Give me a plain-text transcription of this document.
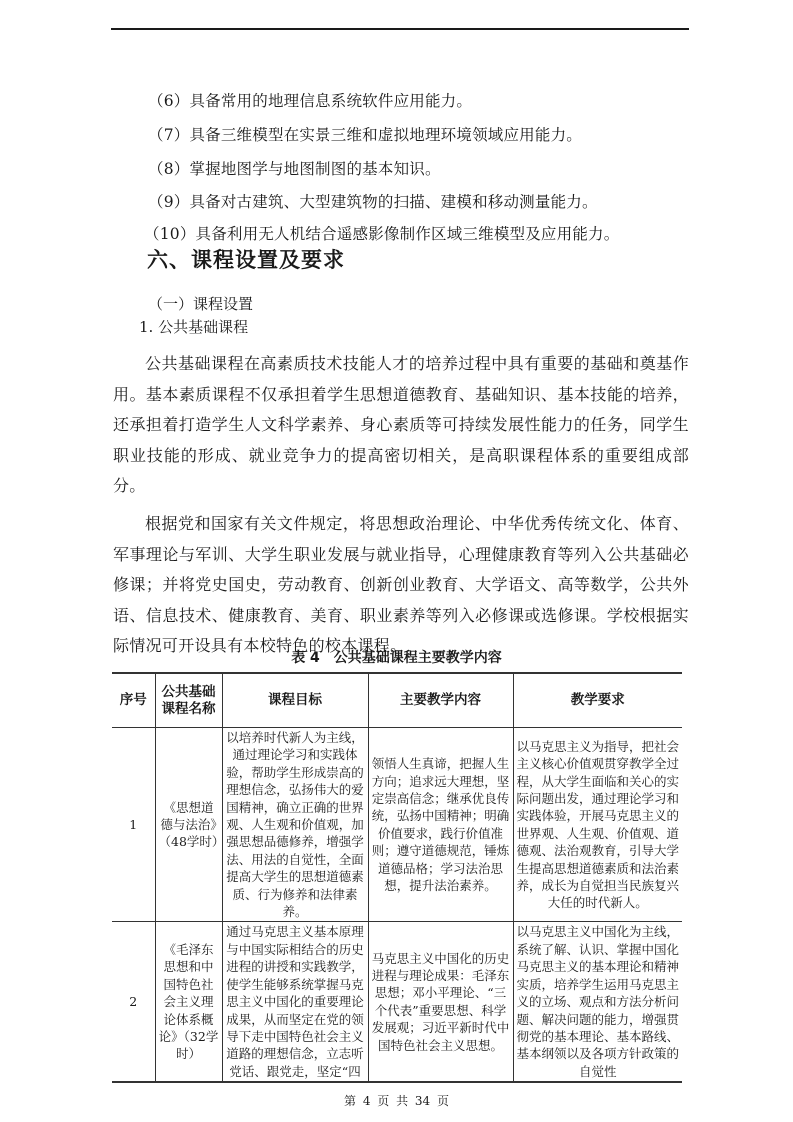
（6）具备常用的地理信息系统软件应用能力。
（7）具备三维模型在实景三维和虚拟地理环境领域应用能力。
（8）掌握地图学与地图制图的基本知识。
（9）具备对古建筑、大型建筑物的扫描、建模和移动测量能力。
（10）具备利用无人机结合遥感影像制作区域三维模型及应用能力。
六、课程设置及要求
（一）课程设置
1. 公共基础课程
公共基础课程在高素质技术技能人才的培养过程中具有重要的基础和奠基作用。基本素质课程不仅承担着学生思想道德教育、基础知识、基本技能的培养，还承担着打造学生人文科学素养、身心素质等可持续发展性能力的任务，同学生职业技能的形成、就业竞争力的提高密切相关，是高职课程体系的重要组成部分。
根据党和国家有关文件规定，将思想政治理论、中华优秀传统文化、体育、军事理论与军训、大学生职业发展与就业指导，心理健康教育等列入公共基础必修课；并将党史国史，劳动教育、创新创业教育、大学语文、高等数学，公共外语、信息技术、健康教育、美育、职业素养等列入必修课或选修课。学校根据实际情况可开设具有本校特色的校本课程。
表 4　公共基础课程主要教学内容
序号	公共基础课程名称	课程目标	主要教学内容	教学要求
1	《思想道德与法治》（48学时）	以培养时代新人为主线，通过理论学习和实践体验，帮助学生形成崇高的理想信念，弘扬伟大的爱国精神，确立正确的世界观、人生观和价值观，加强思想品德修养，增强学法、用法的自觉性，全面提高大学生的思想道德素质、行为修养和法律素养。	领悟人生真谛，把握人生方向；追求远大理想，坚定崇高信念；继承优良传统，弘扬中国精神；明确价值要求，践行价值准则；遵守道德规范，锤炼道德品格；学习法治思想，提升法治素养。	以马克思主义为指导，把社会主义核心价值观贯穿教学全过程，从大学生面临和关心的实际问题出发，通过理论学习和实践体验，开展马克思主义的世界观、人生观、价值观、道德观、法治观教育，引导大学生提高思想道德素质和法治素养，成长为自觉担当民族复兴大任的时代新人。
2	《毛泽东思想和中国特色社会主义理论体系概论》（32学时）	通过马克思主义基本原理与中国实际相结合的历史进程的讲授和实践教学，使学生能够系统掌握马克思主义中国化的重要理论成果，从而坚定在党的领导下走中国特色社会主义道路的理想信念，立志听党话、跟党走，坚定“四	马克思主义中国化的历史进程与理论成果：毛泽东思想；邓小平理论、“三个代表”重要思想、科学发展观；习近平新时代中国特色社会主义思想。	以马克思主义中国化为主线，系统了解、认识、掌握中国化马克思主义的基本理论和精神实质，培养学生运用马克思主义的立场、观点和方法分析问题、解决问题的能力，增强贯彻党的基本理论、基本路线、基本纲领以及各项方针政策的自觉性
第 4 页 共 34 页
